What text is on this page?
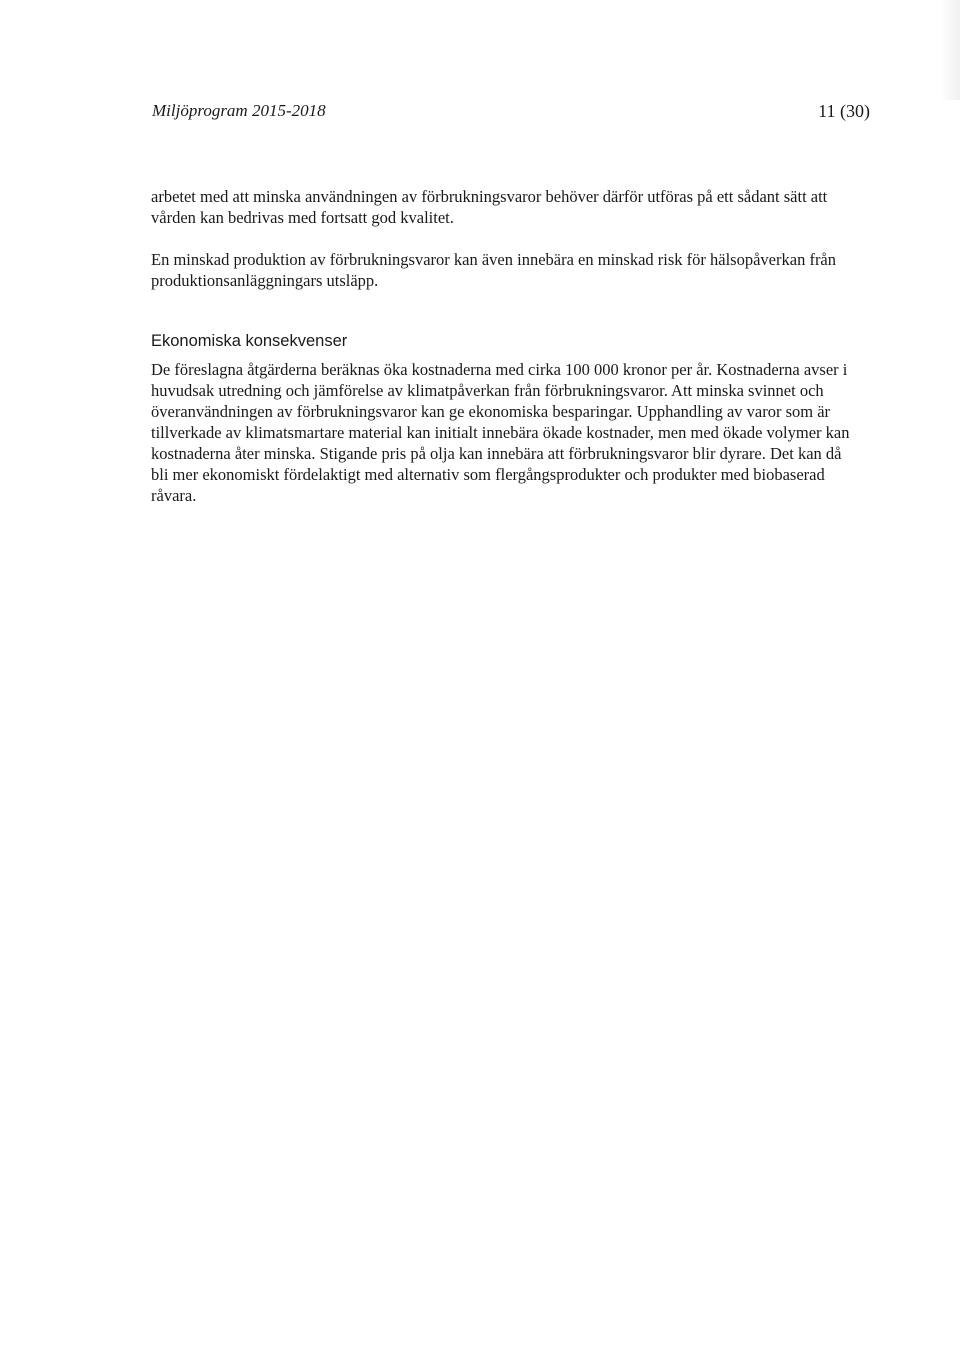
Miljöprogram 2015-2018	11 (30)

arbetet med att minska användningen av förbrukningsvaror behöver därför utföras på ett sådant sätt att vården kan bedrivas med fortsatt god kvalitet.

En minskad produktion av förbrukningsvaror kan även innebära en minskad risk för hälsopåverkan från produktionsanläggningars utsläpp.

Ekonomiska konsekvenser

De föreslagna åtgärderna beräknas öka kostnaderna med cirka 100 000 kronor per år. Kostnaderna avser i huvudsak utredning och jämförelse av klimatpåverkan från förbrukningsvaror. Att minska svinnet och överanvändningen av förbrukningsvaror kan ge ekonomiska besparingar. Upphandling av varor som är tillverkade av klimatsmartare material kan initialt innebära ökade kostnader, men med ökade volymer kan kostnaderna åter minska. Stigande pris på olja kan innebära att förbrukningsvaror blir dyrare. Det kan då bli mer ekonomiskt fördelaktigt med alternativ som flergångsprodukter och produkter med biobaserad råvara.
